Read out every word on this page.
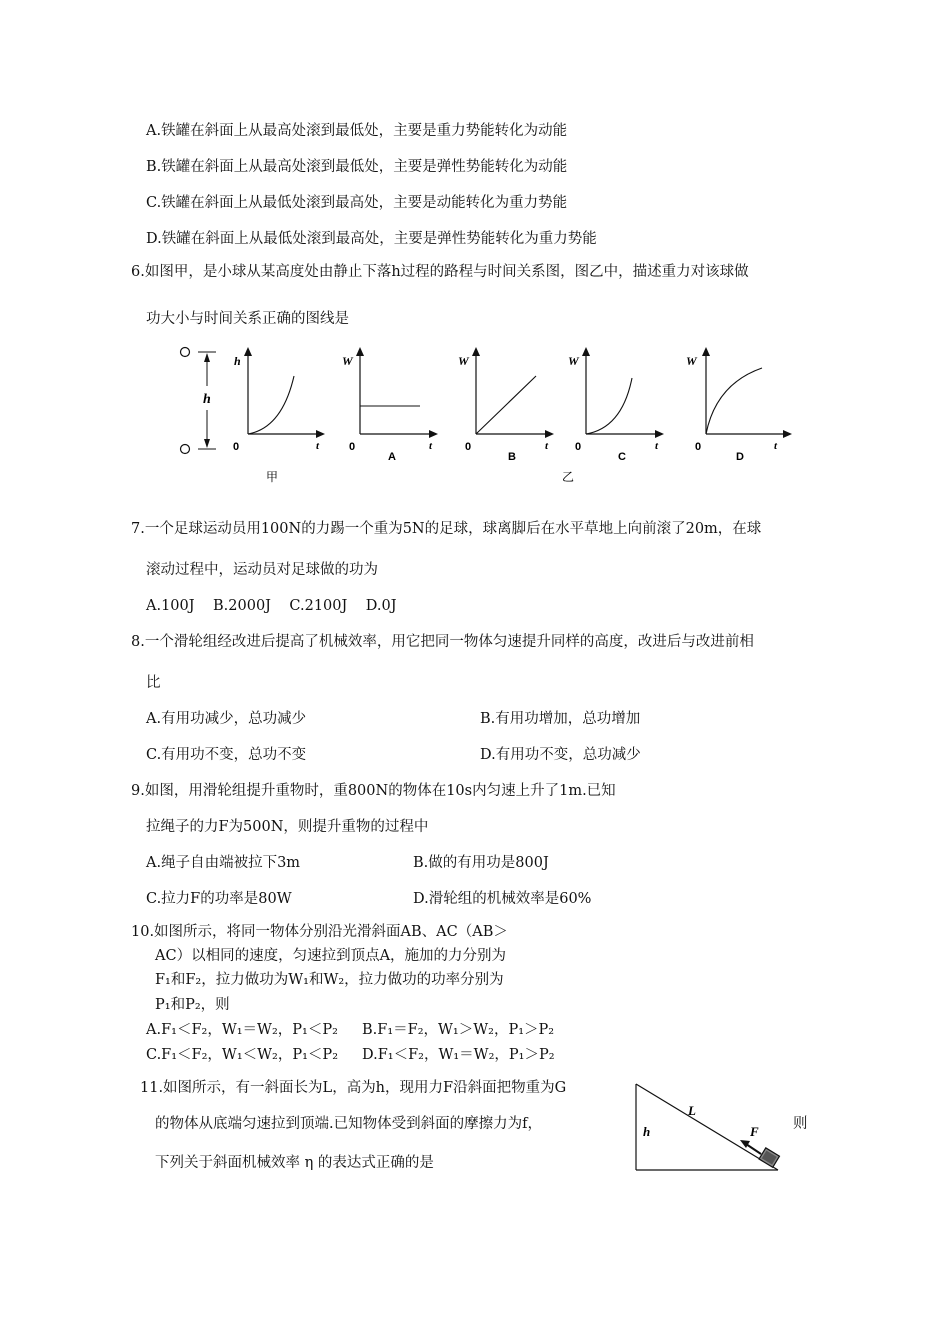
A.铁罐在斜面上从最高处滚到最低处，主要是重力势能转化为动能
B.铁罐在斜面上从最高处滚到最低处，主要是弹性势能转化为动能
C.铁罐在斜面上从最低处滚到最高处，主要是动能转化为重力势能
D.铁罐在斜面上从最低处滚到最高处，主要是弹性势能转化为重力势能
6.如图甲，是小球从某高度处由静止下落h过程的路程与时间关系图，图乙中，描述重力对该球做
功大小与时间关系正确的图线是
h
h
t
0
甲
W
t
0
A
W
t
0
B
W
t
0
C
W
t
0
D
乙
7.一个足球运动员用100N的力踢一个重为5N的足球，球离脚后在水平草地上向前滚了20m，在球
滚动过程中，运动员对足球做的功为
A.100J    B.2000J    C.2100J    D.0J
8.一个滑轮组经改进后提高了机械效率，用它把同一物体匀速提升同样的高度，改进后与改进前相
比
A.有用功减少，总功减少	B.有用功增加，总功增加
C.有用功不变，总功不变	D.有用功不变，总功减少
9.如图，用滑轮组提升重物时，重800N的物体在10s内匀速上升了1m.已知
拉绳子的力F为500N，则提升重物的过程中
A.绳子自由端被拉下3m	B.做的有用功是800J
C.拉力F的功率是80W	D.滑轮组的机械效率是60%
10.如图所示，将同一物体分别沿光滑斜面AB、AC（AB＞
AC）以相同的速度，匀速拉到顶点A，施加的力分别为
F₁和F₂，拉力做功为W₁和W₂，拉力做功的功率分别为
P₁和P₂，则
A.F₁＜F₂，W₁＝W₂，P₁＜P₂ B.F₁＝F₂，W₁＞W₂，P₁＞P₂
C.F₁＜F₂，W₁＜W₂，P₁＜P₂ D.F₁＜F₂，W₁＝W₂，P₁＞P₂
11.如图所示，有一斜面长为L，高为h，现用力F沿斜面把物重为G
的物体从底端匀速拉到顶端.已知物体受到斜面的摩擦力为f，	则
下列关于斜面机械效率 η 的表达式正确的是
h
L
F
